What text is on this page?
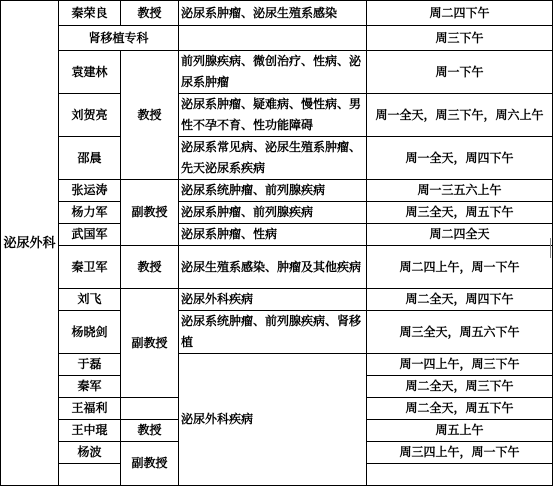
泌尿外科	秦荣良	教授	泌尿系肿瘤、泌尿生殖系感染	周二四下午
	肾移植专科			周三下午
	袁建林	教授	前列腺疾病、微创治疗、性病、泌尿系肿瘤	周一下午
	刘贺亮		泌尿系肿瘤、疑难病、慢性病、男性不孕不育、性功能障碍	周一全天，周三下午，周六上午
	邵晨		泌尿系常见病、泌尿生殖系肿瘤、先天泌尿系疾病	周一全天，周四下午
	张运涛	副教授	泌尿系统肿瘤、前列腺疾病	周一三五六上午
	杨力军		泌尿系肿瘤、前列腺疾病	周三全天，周五下午
	武国军		泌尿系肿瘤、性病	周二四全天
	秦卫军	教授	泌尿生殖系感染、肿瘤及其他疾病	周二四上午，周一下午
	刘飞	副教授	泌尿外科疾病	周二全天，周四下午
	杨晓剑		泌尿系统肿瘤、前列腺疾病、肾移植	周三全天，周五六下午
	于磊		泌尿外科疾病	周一四上午，周三下午
	秦军			周二全天，周三下午
	王福利			周二全天，周五下午
	王中琨	教授		周五上午
	杨波	副教授		周三四上午，周一下午
